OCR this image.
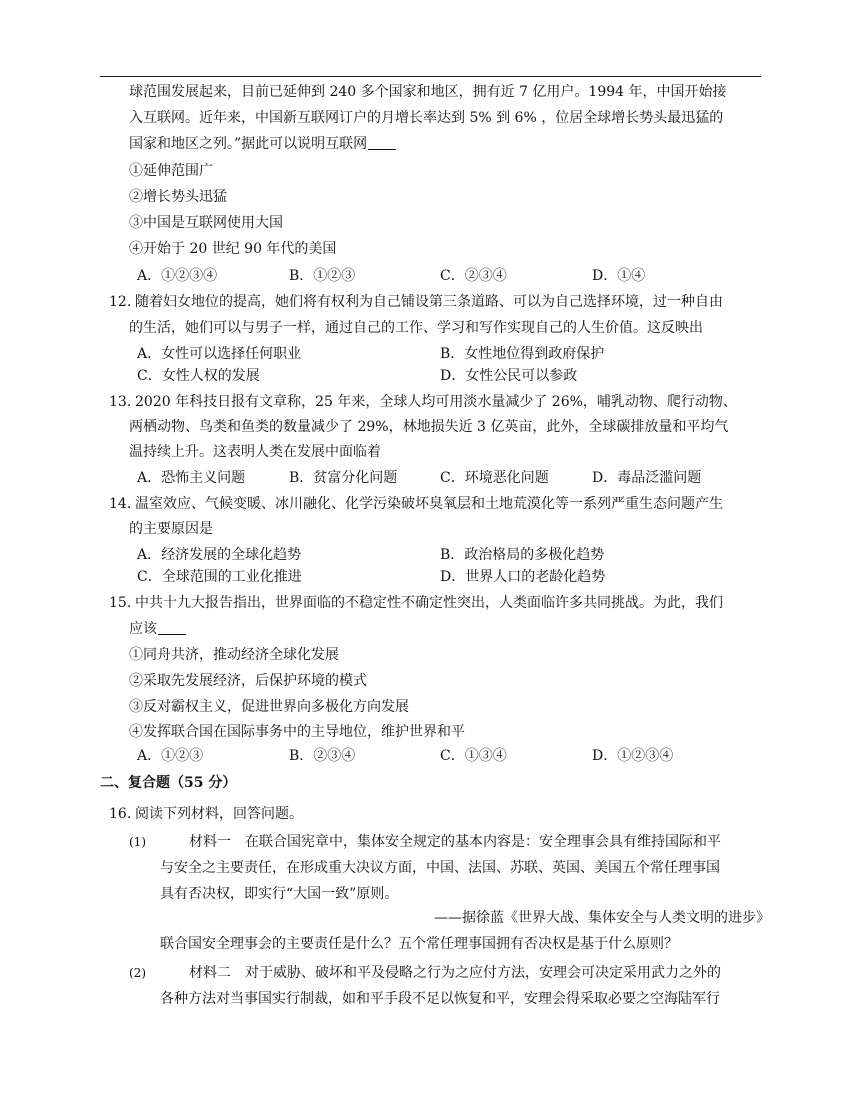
球范围发展起来，目前已延伸到 240 多个国家和地区，拥有近 7 亿用户。1994 年，中国开始接
入互联网。近年来，中国新互联网订户的月增长率达到 5% 到 6% ，位居全球增长势头最迅猛的
国家和地区之列。”据此可以说明互联网
①延伸范围广
②增长势头迅猛
③中国是互联网使用大国
④开始于 20 世纪 90 年代的美国
A．①②③④	B．①②③	C．②③④	D．①④
12. 随着妇女地位的提高，她们将有权利为自己铺设第三条道路、可以为自己选择环境，过一种自由
的生活，她们可以与男子一样，通过自己的工作、学习和写作实现自己的人生价值。这反映出
A．女性可以选择任何职业	B．女性地位得到政府保护
C．女性人权的发展	D．女性公民可以参政
13. 2020 年科技日报有文章称，25 年来，全球人均可用淡水量减少了 26%，哺乳动物、爬行动物、
两栖动物、鸟类和鱼类的数量减少了 29%，林地损失近 3 亿英亩，此外，全球碳排放量和平均气
温持续上升。这表明人类在发展中面临着
A．恐怖主义问题	B．贫富分化问题	C．环境恶化问题	D．毒品泛滥问题
14. 温室效应、气候变暖、冰川融化、化学污染破坏臭氧层和土地荒漠化等一系列严重生态问题产生
的主要原因是
A．经济发展的全球化趋势	B．政治格局的多极化趋势
C．全球范围的工业化推进	D．世界人口的老龄化趋势
15. 中共十九大报告指出，世界面临的不稳定性不确定性突出，人类面临许多共同挑战。为此，我们
应该
①同舟共济，推动经济全球化发展
②采取先发展经济，后保护环境的模式
③反对霸权主义，促进世界向多极化方向发展
④发挥联合国在国际事务中的主导地位，维护世界和平
A．①②③	B．②③④	C．①③④	D．①②③④
二、复合题（55 分）
16. 阅读下列材料，回答问题。
(1)	材料一　在联合国宪章中，集体安全规定的基本内容是：安全理事会具有维持国际和平
与安全之主要责任，在形成重大决议方面，中国、法国、苏联、英国、美国五个常任理事国
具有否决权，即实行“大国一致”原则。
——据徐蓝《世界大战、集体安全与人类文明的进步》
联合国安全理事会的主要责任是什么？五个常任理事国拥有否决权是基于什么原则？
(2)	材料二　对于威胁、破坏和平及侵略之行为之应付方法，安理会可决定采用武力之外的
各种方法对当事国实行制裁，如和平手段不足以恢复和平，安理会得采取必要之空海陆军行
